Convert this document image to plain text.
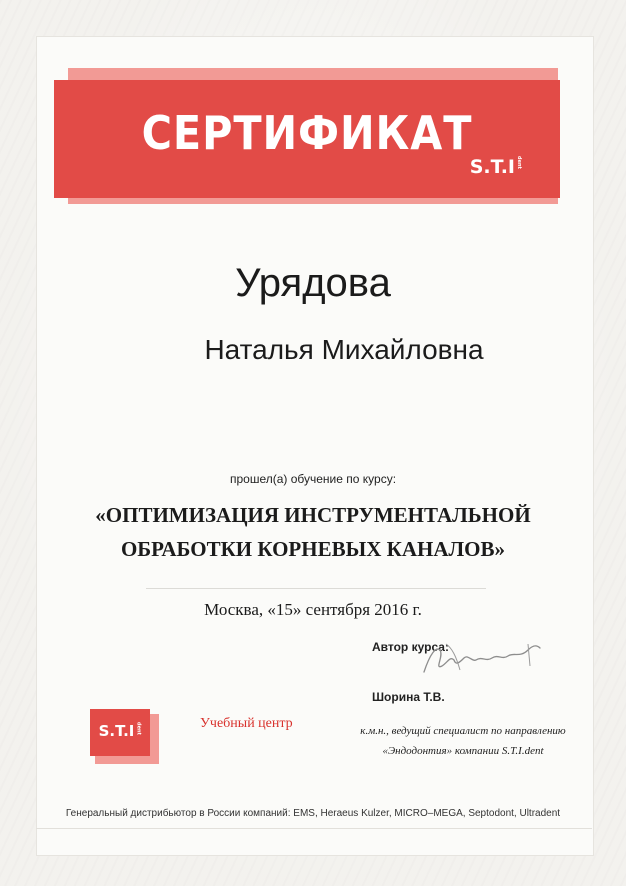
СЕРТИФИКАТ
S.T.Ident
Урядова
Наталья Михайловна
прошел(а) обучение по курсу:
«ОПТИМИЗАЦИЯ ИНСТРУМЕНТАЛЬНОЙ
ОБРАБОТКИ КОРНЕВЫХ КАНАЛОВ»
Москва, «15» сентября 2016 г.
Автор курса:
Шорина Т.В.
к.м.н., ведущий специалист по направлению
«Эндодонтия» компании S.T.I.dent
S.T.Ident	Учебный центр
Генеральный дистрибьютор в России компаний: EMS, Heraeus Kulzer, MICRO–MEGA, Septodont, Ultradent
